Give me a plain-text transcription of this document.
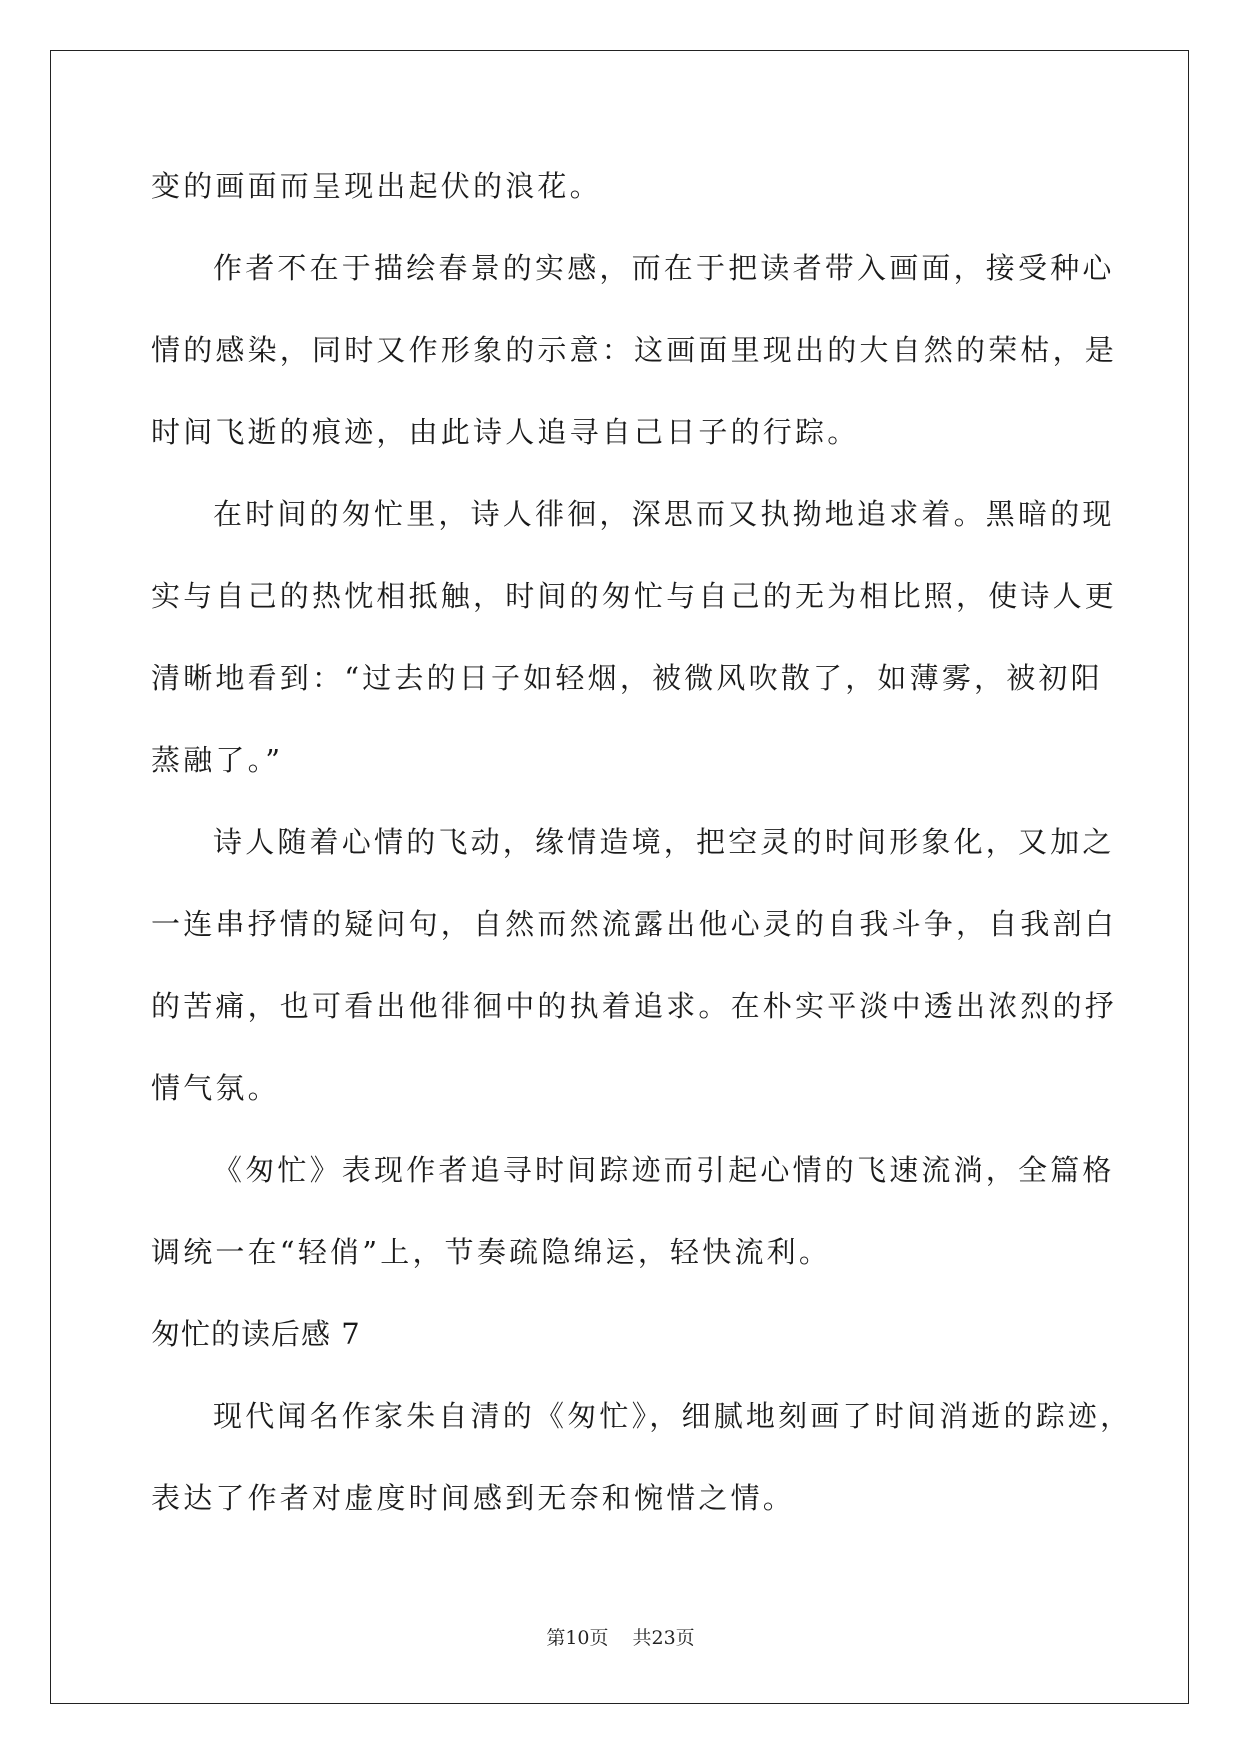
变的画面而呈现出起伏的浪花。
作者不在于描绘春景的实感，而在于把读者带入画面，接受种心
情的感染，同时又作形象的示意：这画面里现出的大自然的荣枯，是
时间飞逝的痕迹，由此诗人追寻自己日子的行踪。
在时间的匆忙里，诗人徘徊，深思而又执拗地追求着。黑暗的现
实与自己的热忱相抵触，时间的匆忙与自己的无为相比照，使诗人更
清晰地看到：“过去的日子如轻烟，被微风吹散了，如薄雾，被初阳
蒸融了。”
诗人随着心情的飞动，缘情造境，把空灵的时间形象化，又加之
一连串抒情的疑问句，自然而然流露出他心灵的自我斗争，自我剖白
的苦痛，也可看出他徘徊中的执着追求。在朴实平淡中透出浓烈的抒
情气氛。
《匆忙》表现作者追寻时间踪迹而引起心情的飞速流淌，全篇格
调统一在“轻俏”上，节奏疏隐绵运，轻快流利。
匆忙的读后感 7
现代闻名作家朱自清的《匆忙》，细腻地刻画了时间消逝的踪迹，
表达了作者对虚度时间感到无奈和惋惜之情。
第10页 共23页
